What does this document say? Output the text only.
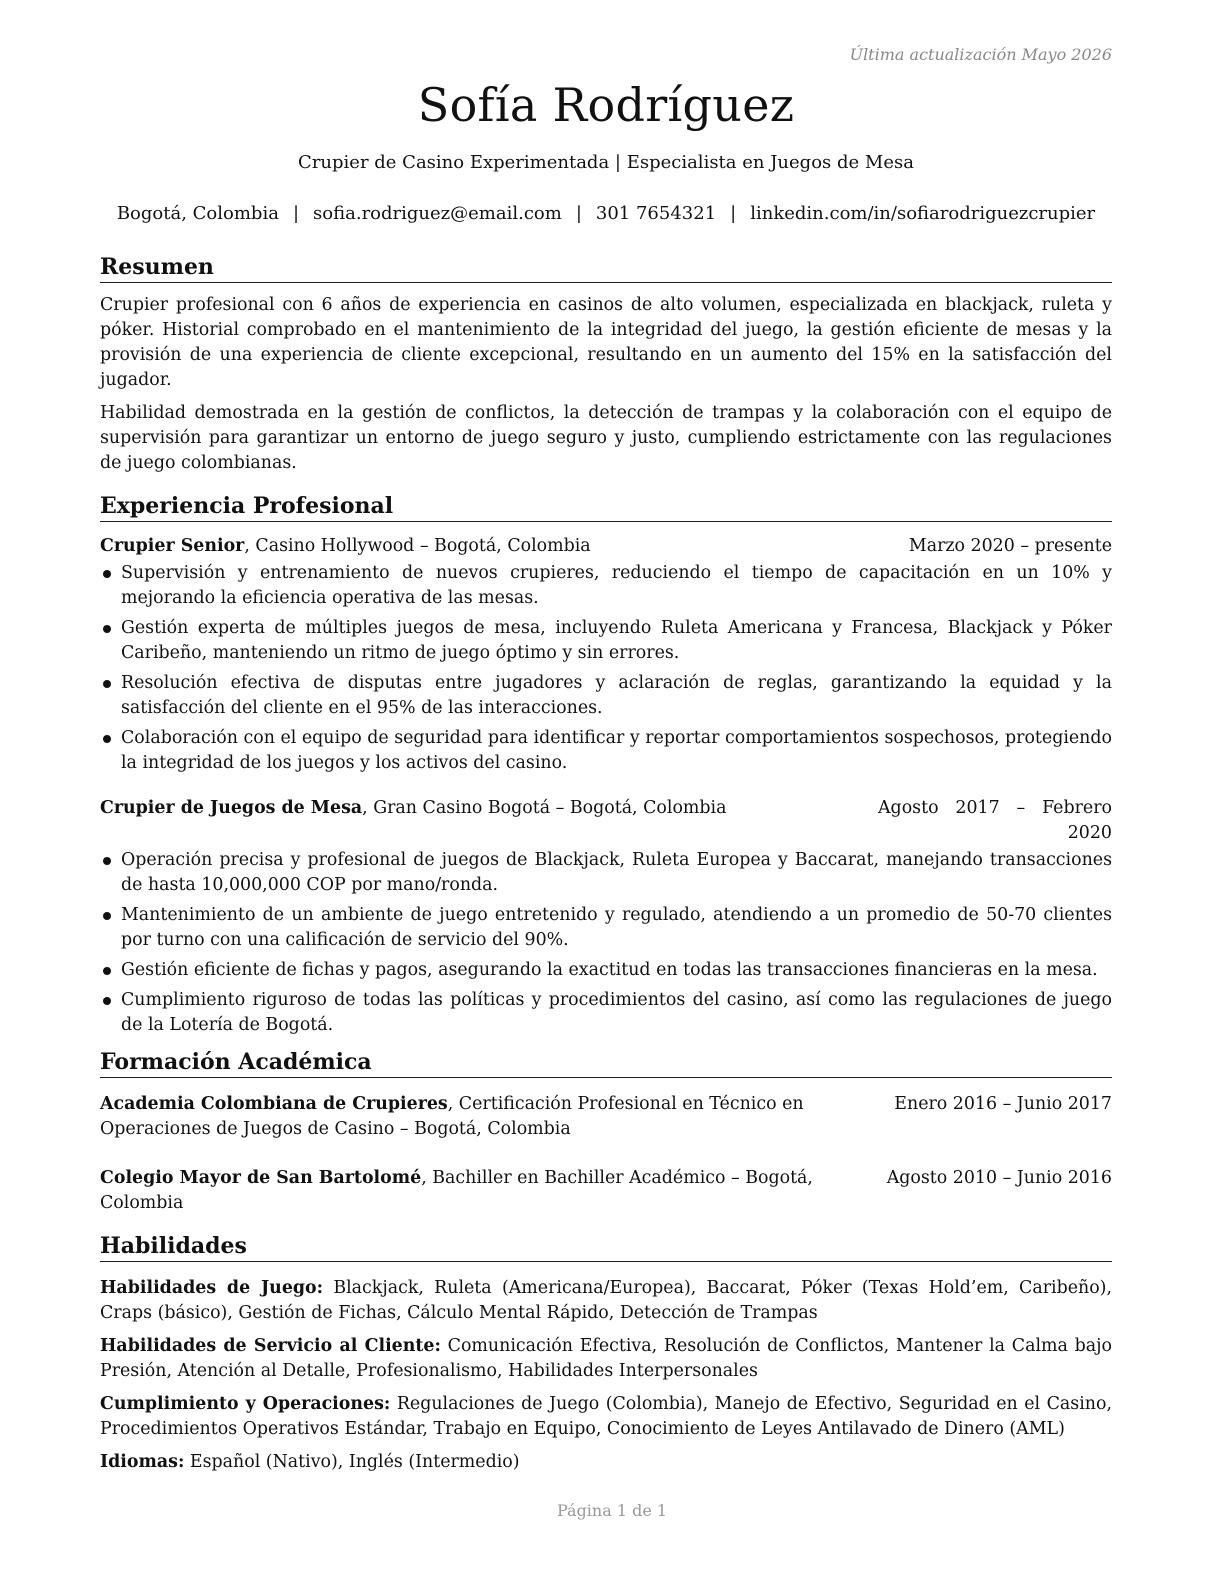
Última actualización Mayo 2026
Sofía Rodríguez
Crupier de Casino Experimentada | Especialista en Juegos de Mesa
Bogotá, Colombia | sofia.rodriguez@email.com | 301 7654321 | linkedin.com/in/sofiarodriguezcrupier
Resumen
Crupier profesional con 6 años de experiencia en casinos de alto volumen, especializada en blackjack, ruleta y póker. Historial comprobado en el mantenimiento de la integridad del juego, la gestión eficiente de mesas y la provisión de una experiencia de cliente excepcional, resultando en un aumento del 15% en la satisfacción del jugador.
Habilidad demostrada en la gestión de conflictos, la detección de trampas y la colaboración con el equipo de supervisión para garantizar un entorno de juego seguro y justo, cumpliendo estrictamente con las regulaciones de juego colombianas.
Experiencia Profesional
Crupier Senior, Casino Hollywood – Bogotá, Colombia	Marzo 2020 – presente
Supervisión y entrenamiento de nuevos crupieres, reduciendo el tiempo de capacitación en un 10% y mejorando la eficiencia operativa de las mesas.
Gestión experta de múltiples juegos de mesa, incluyendo Ruleta Americana y Francesa, Blackjack y Póker Caribeño, manteniendo un ritmo de juego óptimo y sin errores.
Resolución efectiva de disputas entre jugadores y aclaración de reglas, garantizando la equidad y la satisfacción del cliente en el 95% de las interacciones.
Colaboración con el equipo de seguridad para identificar y reportar comportamientos sospechosos, protegiendo la integridad de los juegos y los activos del casino.
Crupier de Juegos de Mesa, Gran Casino Bogotá – Bogotá, Colombia	Agosto 2017 – Febrero 2020
Operación precisa y profesional de juegos de Blackjack, Ruleta Europea y Baccarat, manejando transacciones de hasta 10,000,000 COP por mano/ronda.
Mantenimiento de un ambiente de juego entretenido y regulado, atendiendo a un promedio de 50-70 clientes por turno con una calificación de servicio del 90%.
Gestión eficiente de fichas y pagos, asegurando la exactitud en todas las transacciones financieras en la mesa.
Cumplimiento riguroso de todas las políticas y procedimientos del casino, así como las regulaciones de juego de la Lotería de Bogotá.
Formación Académica
Academia Colombiana de Crupieres, Certificación Profesional en Técnico en Operaciones de Juegos de Casino – Bogotá, Colombia
Enero 2016 – Junio 2017
Colegio Mayor de San Bartolomé, Bachiller en Bachiller Académico – Bogotá, Colombia
Agosto 2010 – Junio 2016
Habilidades
Habilidades de Juego: Blackjack, Ruleta (Americana/Europea), Baccarat, Póker (Texas Hold’em, Caribeño), Craps (básico), Gestión de Fichas, Cálculo Mental Rápido, Detección de Trampas
Habilidades de Servicio al Cliente: Comunicación Efectiva, Resolución de Conflictos, Mantener la Calma bajo Presión, Atención al Detalle, Profesionalismo, Habilidades Interpersonales
Cumplimiento y Operaciones: Regulaciones de Juego (Colombia), Manejo de Efectivo, Seguridad en el Casino, Procedimientos Operativos Estándar, Trabajo en Equipo, Conocimiento de Leyes Antilavado de Dinero (AML)
Idiomas: Español (Nativo), Inglés (Intermedio)
Página 1 de 1
